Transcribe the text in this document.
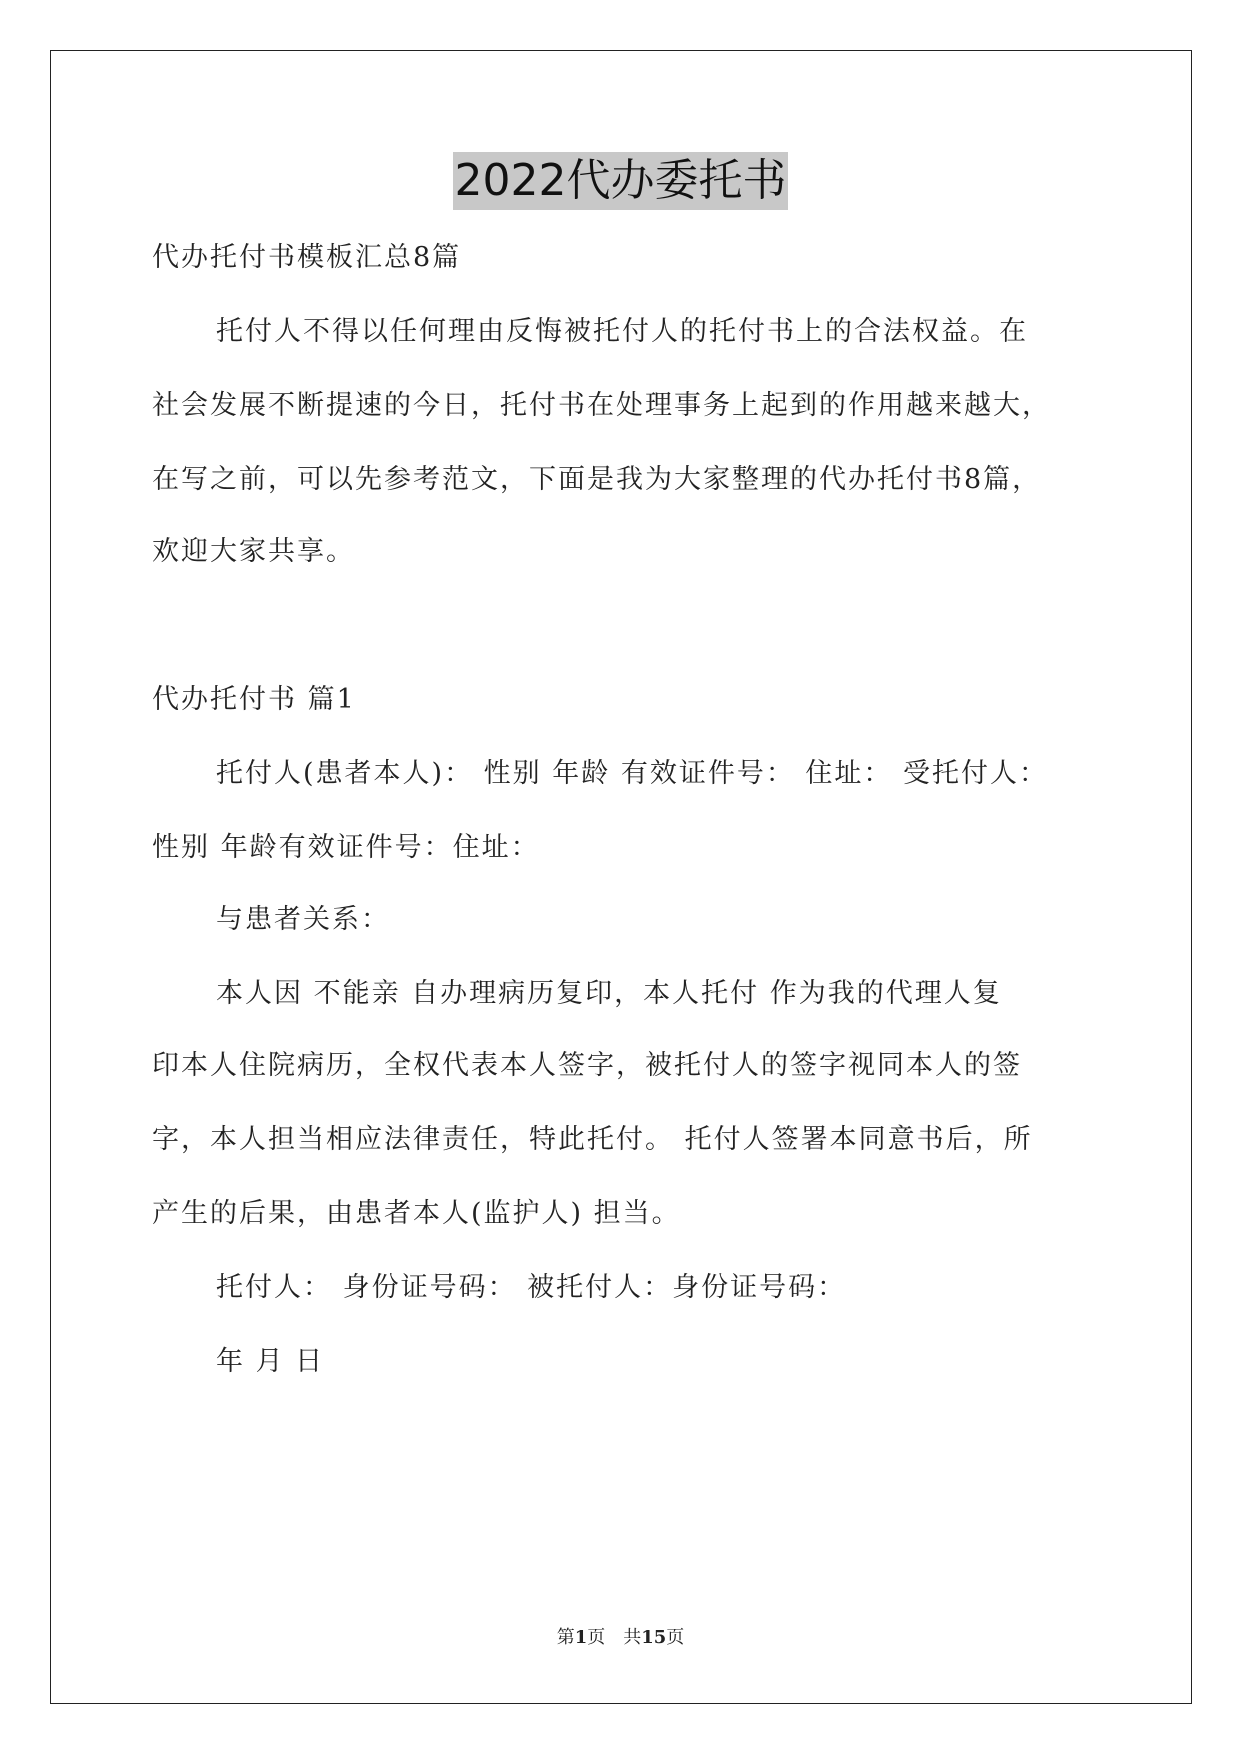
2022代办委托书
代办托付书模板汇总8篇
托付人不得以任何理由反悔被托付人的托付书上的合法权益。在
社会发展不断提速的今日，托付书在处理事务上起到的作用越来越大，
在写之前，可以先参考范文，下面是我为大家整理的代办托付书8篇，
欢迎大家共享。
代办托付书 篇1
托付人(患者本人)： 性别 年龄 有效证件号： 住址： 受托付人：
性别 年龄有效证件号：住址：
与患者关系：
本人因 不能亲 自办理病历复印，本人托付 作为我的代理人复
印本人住院病历，全权代表本人签字，被托付人的签字视同本人的签
字，本人担当相应法律责任，特此托付。 托付人签署本同意书后，所
产生的后果，由患者本人(监护人) 担当。
托付人： 身份证号码： 被托付人：身份证号码：
年 月 日
第1页 共15页
